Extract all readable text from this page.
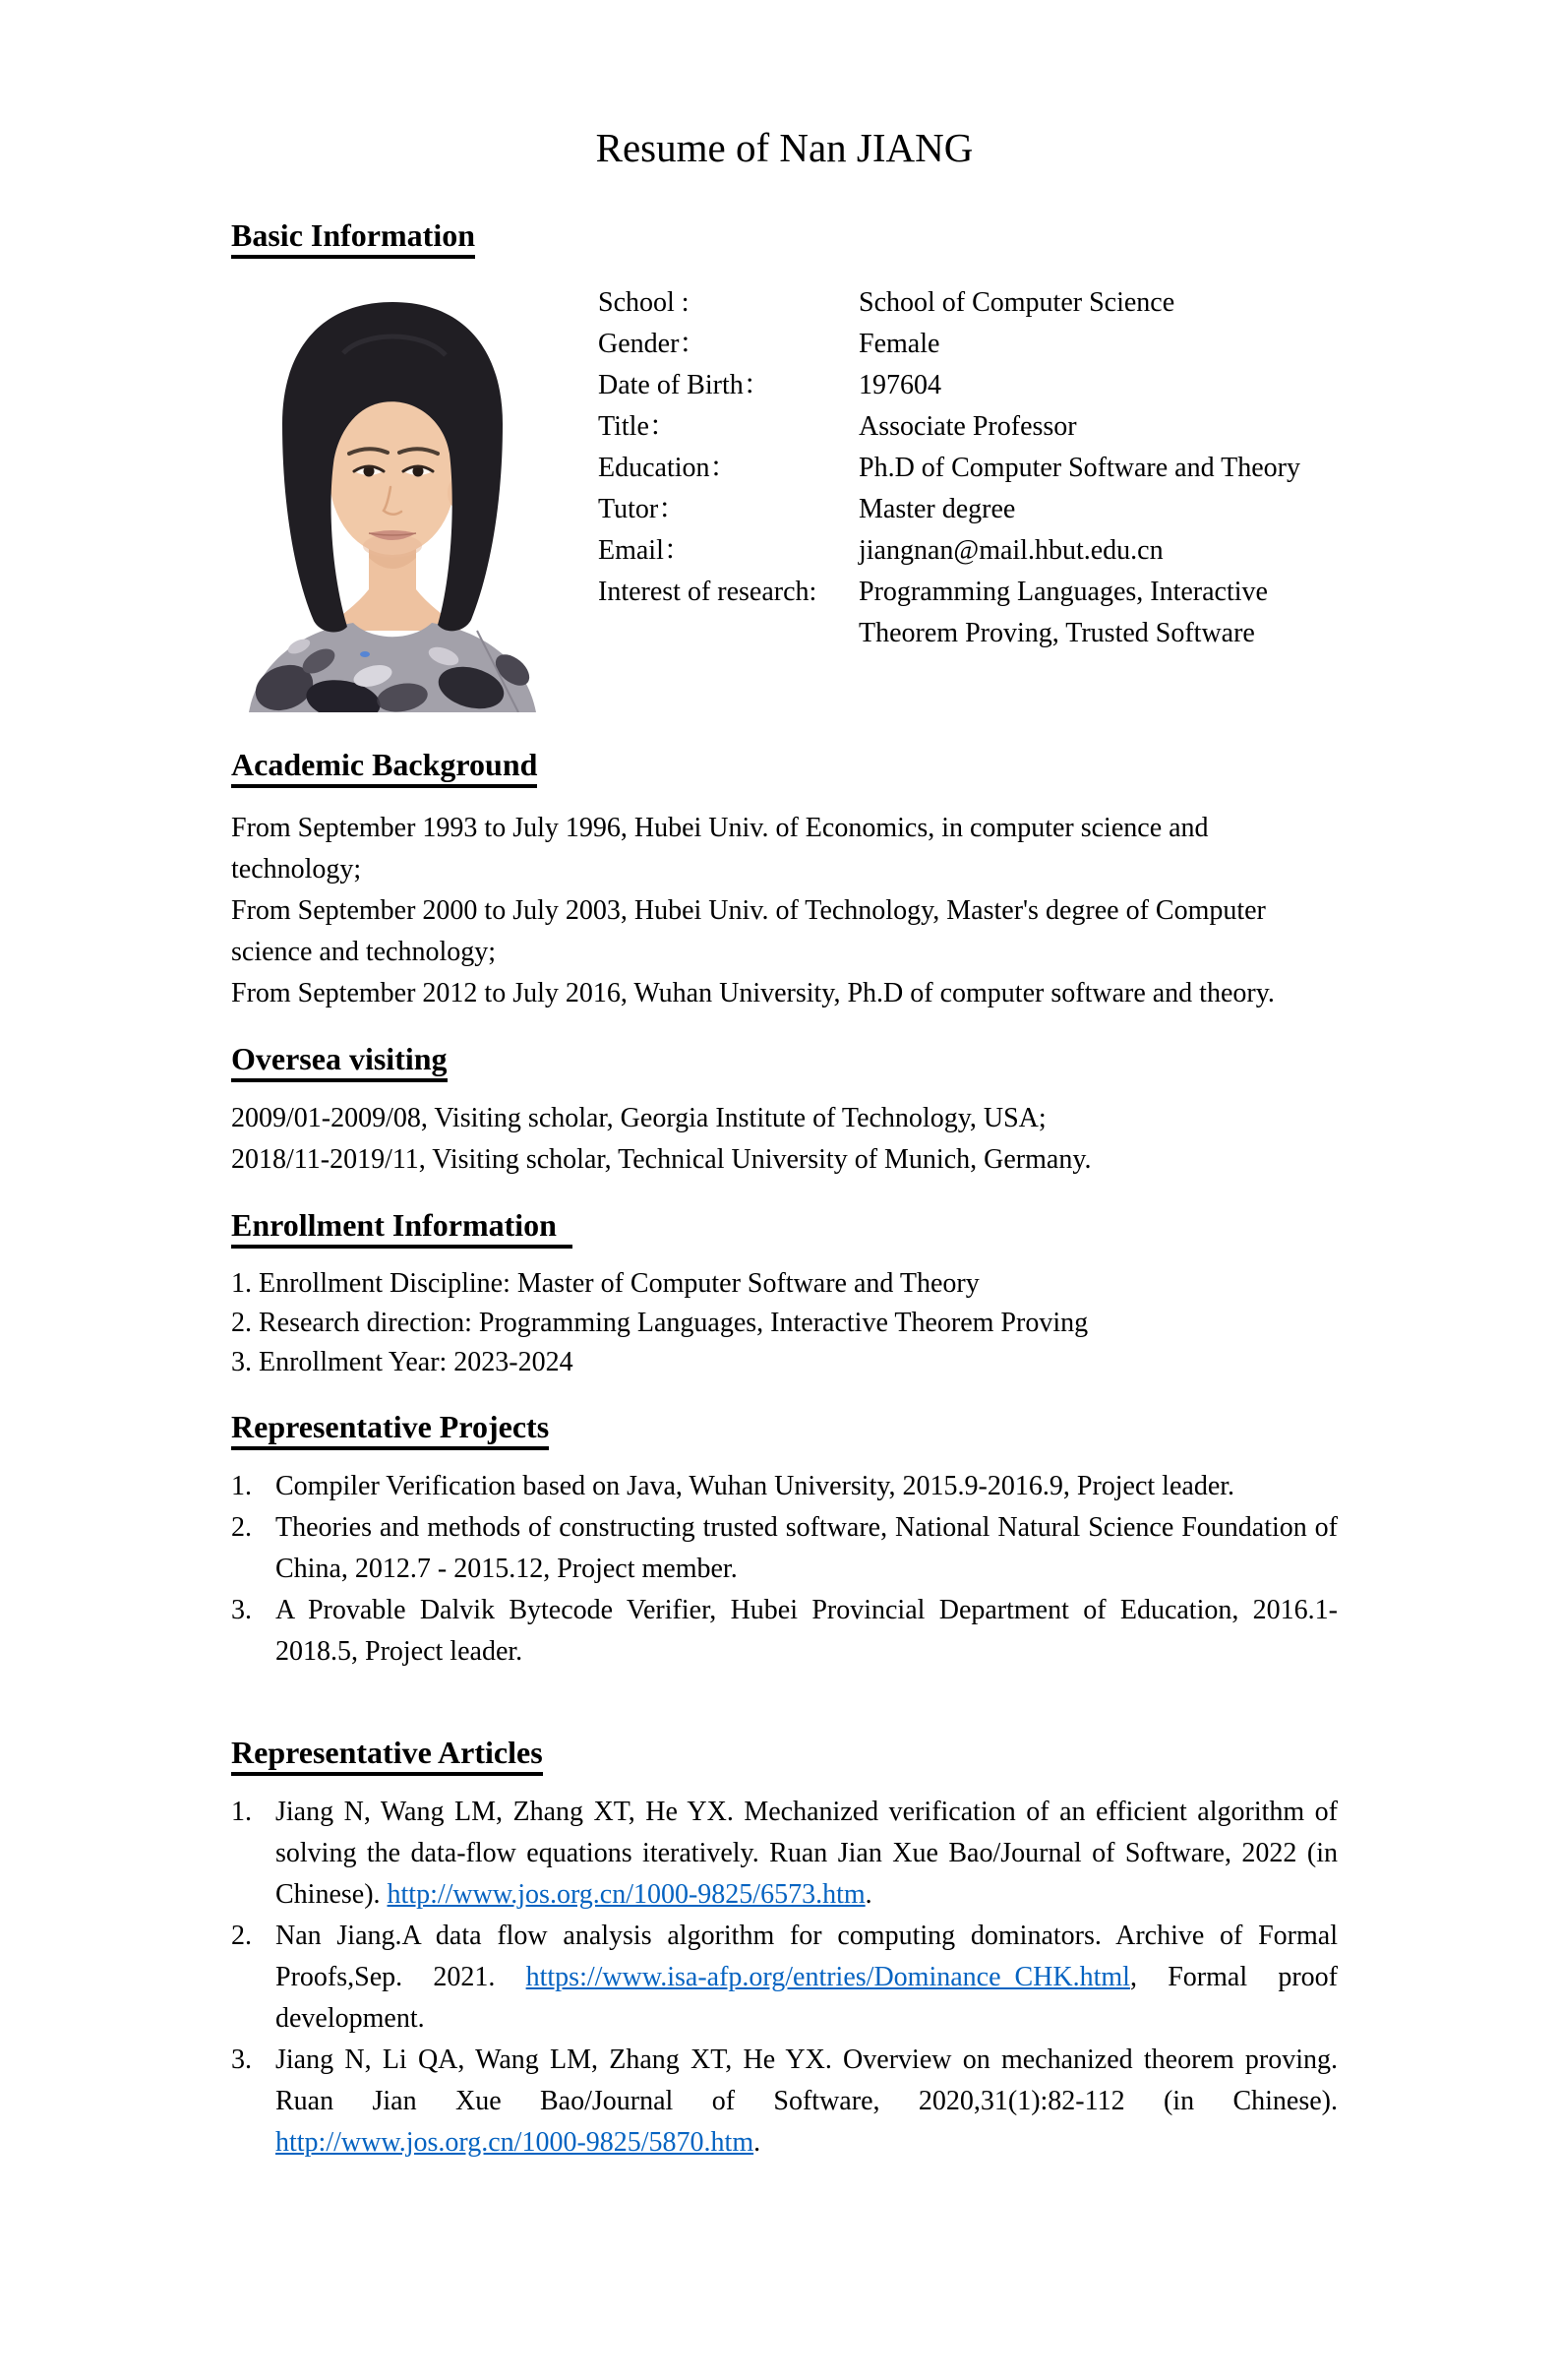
Resume of Nan JIANG
Basic Information
School :	School of Computer Science
Gender：	Female
Date of Birth：	197604
Title：	Associate Professor
Education：	Ph.D of Computer Software and Theory
Tutor：	Master degree
Email：	jiangnan@mail.hbut.edu.cn
Interest of research:	Programming Languages, Interactive Theorem Proving, Trusted Software
Academic Background

From September 1993 to July 1996, Hubei Univ. of Economics, in computer science and technology;

From September 2000 to July 2003, Hubei Univ. of Technology, Master's degree of Computer science and technology;

From September 2012 to July 2016, Wuhan University, Ph.D of computer software and theory.

Oversea visiting

2009/01-2009/08, Visiting scholar, Georgia Institute of Technology, USA;

2018/11-2019/11, Visiting scholar, Technical University of Munich, Germany.

Enrollment Information
1. Enrollment Discipline: Master of Computer Software and Theory
2. Research direction: Programming Languages, Interactive Theorem Proving
3. Enrollment Year: 2023-2024
Representative Projects
1. Compiler Verification based on Java, Wuhan University, 2015.9-2016.9, Project leader.
2. Theories and methods of constructing trusted software, National Natural Science Foundation of China, 2012.7 - 2015.12, Project member.
3. A Provable Dalvik Bytecode Verifier, Hubei Provincial Department of Education, 2016.1-2018.5, Project leader.
Representative Articles
1. Jiang N, Wang LM, Zhang XT, He YX. Mechanized verification of an efficient algorithm of solving the data-flow equations iteratively. Ruan Jian Xue Bao/Journal of Software, 2022 (in Chinese). http://www.jos.org.cn/1000-9825/6573.htm.
2. Nan Jiang.A data flow analysis algorithm for computing dominators. Archive of Formal Proofs,Sep. 2021. https://www.isa-afp.org/entries/Dominance_CHK.html, Formal proof development.
3. Jiang N, Li QA, Wang LM, Zhang XT, He YX. Overview on mechanized theorem proving. Ruan Jian Xue Bao/Journal of Software, 2020,31(1):82-112 (in Chinese). http://www.jos.org.cn/1000-9825/5870.htm.
